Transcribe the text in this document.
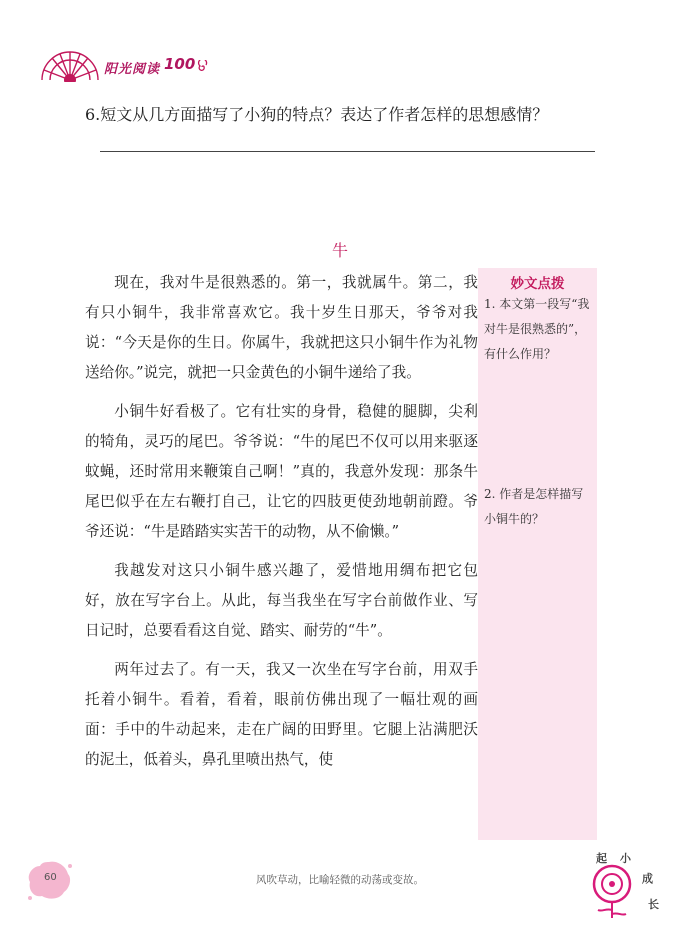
阳光阅读 100
6.短文从几方面描写了小狗的特点？表达了作者怎样的思想感情？
牛

现在，我对牛是很熟悉的。第一，我就属牛。第二，我有只小铜牛，我非常喜欢它。我十岁生日那天，爷爷对我说：“今天是你的生日。你属牛，我就把这只小铜牛作为礼物送给你。”说完，就把一只金黄色的小铜牛递给了我。

小铜牛好看极了。它有壮实的身骨，稳健的腿脚，尖利的犄角，灵巧的尾巴。爷爷说：“牛的尾巴不仅可以用来驱逐蚊蝇，还时常用来鞭策自己啊！”真的，我意外发现：那条牛尾巴似乎在左右鞭打自己，让它的四肢更使劲地朝前蹬。爷爷还说：“牛是踏踏实实苦干的动物，从不偷懒。”

我越发对这只小铜牛感兴趣了，爱惜地用绸布把它包好，放在写字台上。从此，每当我坐在写字台前做作业、写日记时，总要看看这自觉、踏实、耐劳的“牛”。

两年过去了。有一天，我又一次坐在写字台前，用双手托着小铜牛。看着，看着，眼前仿佛出现了一幅壮观的画面：手中的牛动起来，走在广阔的田野里。它腿上沾满肥沃的泥土，低着头，鼻孔里喷出热气，使

妙文点拨
1. 本文第一段写“我对牛是很熟悉的”，有什么作用？
2. 作者是怎样描写小铜牛的？
60	风吹草动，比喻轻微的动荡或变故。
起 小
成
长
